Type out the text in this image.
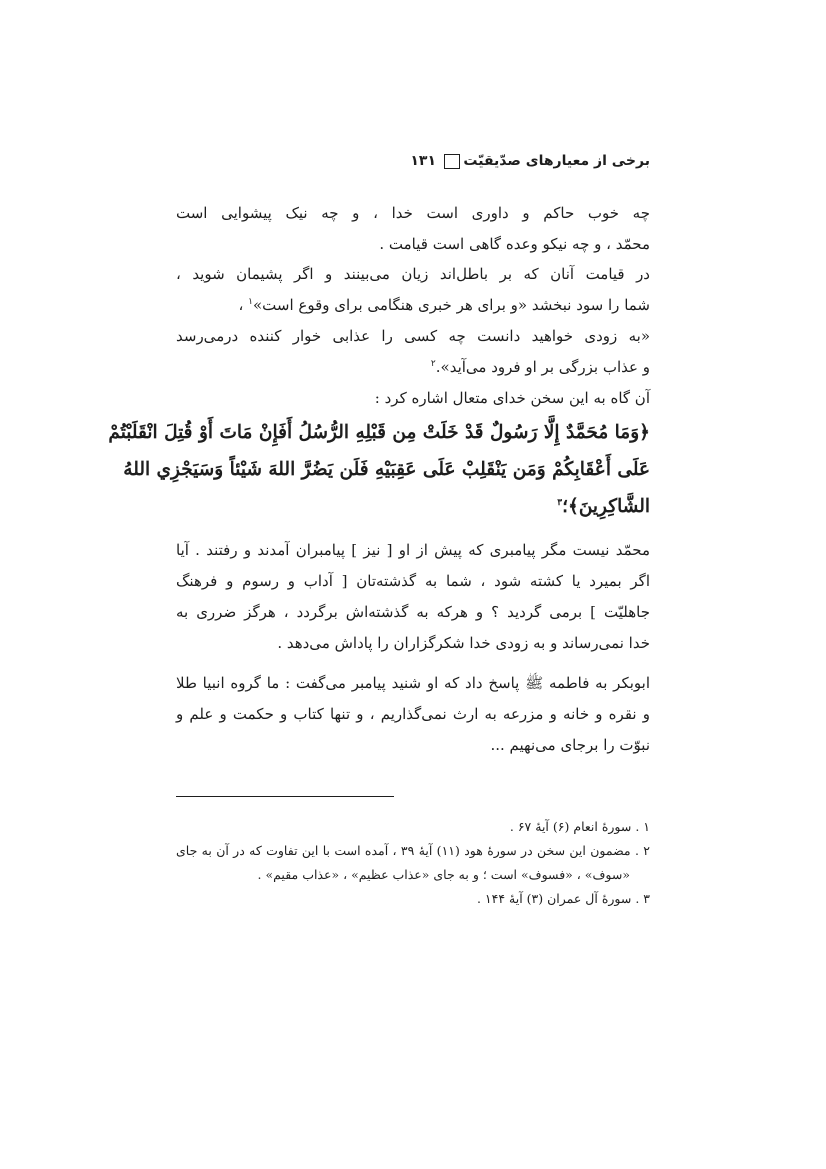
برخی از معیارهای صدّیقیّت
۱۳۱
چه خوب حاکم و داوری است خدا ، و چه نیک پیشوایی است
محمّد ، و چه نیکو وعده گاهی است قیامت .
در قیامت آنان که بر باطل‌اند زیان می‌بینند و اگر پشیمان شوید ،
شما را سود نبخشد «و برای هر خبری هنگامی برای وقوع است»$^۱$ ،
«به زودی خواهید دانست چه کسی را عذابی خوار کننده درمی‌رسد
و عذاب بزرگی بر او فرود می‌آید».$^۲$
آن گاه به این سخن خدای متعال اشاره کرد :
﴿وَمَا مُحَمَّدٌ إِلَّا رَسُولٌ قَدْ خَلَتْ مِن قَبْلِهِ الرُّسُلُ أَفَإِنْ مَاتَ أَوْ قُتِلَ انْقَلَبْتُمْ
عَلَى أَعْقَابِكُمْ وَمَن يَنْقَلِبْ عَلَى عَقِبَيْهِ فَلَن يَضُرَّ اللهَ شَيْئاً وَسَيَجْزِي اللهُ
الشَّاكِرِينَ﴾؛$^۳$
محمّد نیست مگر پیامبری که پیش از او [ نیز ] پیامبران آمدند و رفتند . آیا
اگر بمیرد یا کشته شود ، شما به گذشته‌تان [ آداب و رسوم و فرهنگ
جاهلیّت ] برمی گردید ؟ و هرکه به گذشته‌اش برگردد ، هرگز ضرری به
خدا نمی‌رساند و به زودی خدا شکرگزاران را پاداش می‌دهد .
ابوبکر به فاطمه ﷺ پاسخ داد که او شنید پیامبر می‌گفت : ما گروه انبیا طلا
و نقره و خانه و مزرعه به ارث نمی‌گذاریم ، و تنها کتاب و حکمت و علم و
نبوّت را برجای می‌نهیم ...
۱ . سورهٔ انعام (۶) آیهٔ ۶۷ .
۲ . مضمون این سخن در سورهٔ هود (۱۱) آیهٔ ۳۹ ، آمده است با این تفاوت که در آن به جای
«سوف» ، «فسوف» است ؛ و به جای «عذاب عظیم» ، «عذاب مقیم» .
۳ . سورهٔ آل عمران (۳) آیهٔ ۱۴۴ .
